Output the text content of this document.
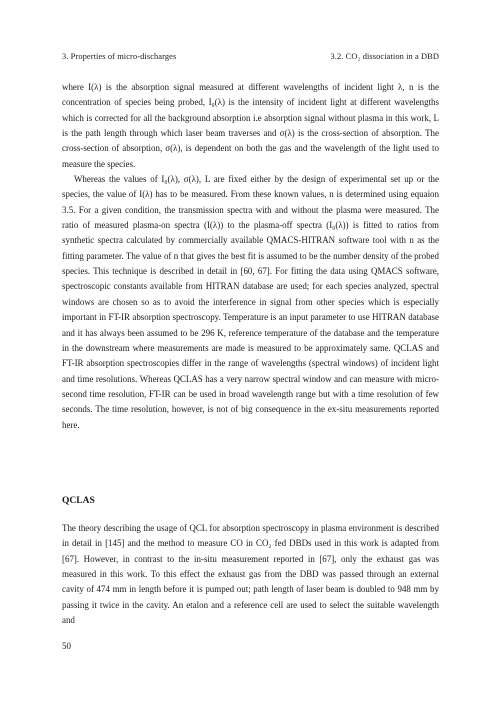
3. Properties of micro-discharges	3.2. CO₂ dissociation in a DBD

where I(λ) is the absorption signal measured at different wavelengths of incident light λ, n is the concentration of species being probed, I₀(λ) is the intensity of incident light at different wavelengths which is corrected for all the background absorption i.e absorption signal without plasma in this work, L is the path length through which laser beam traverses and σ(λ) is the cross-section of absorption. The cross-section of absorption, σ(λ), is dependent on both the gas and the wavelength of the light used to measure the species.

Whereas the values of I₀(λ), σ(λ), L are fixed either by the design of experimental set up or the species, the value of I(λ) has to be measured. From these known values, n is determined using equaion 3.5. For a given condition, the transmission spectra with and without the plasma were measured. The ratio of measured plasma-on spectra (I(λ)) to the plasma-off spectra (I₀(λ)) is fitted to ratios from synthetic spectra calculated by commercially available QMACS-HITRAN software tool with n as the fitting parameter. The value of n that gives the best fit is assumed to be the number density of the probed species. This technique is described in detail in [60, 67]. For fitting the data using QMACS software, spectroscopic constants available from HITRAN database are used; for each species analyzed, spectral windows are chosen so as to avoid the interference in signal from other species which is especially important in FT-IR absorption spectroscopy. Temperature is an input parameter to use HITRAN database and it has always been assumed to be 296 K, reference temperature of the database and the temperature in the downstream where measurements are made is measured to be approximately same. QCLAS and FT-IR absorption spectroscopies differ in the range of wavelengths (spectral windows) of incident light and time resolutions. Whereas QCLAS has a very narrow spectral window and can measure with micro-second time resolution, FT-IR can be used in broad wavelength range but with a time resolution of few seconds. The time resolution, however, is not of big consequence in the ex-situ measurements reported here.

QCLAS

The theory describing the usage of QCL for absorption spectroscopy in plasma environment is described in detail in [145] and the method to measure CO in CO₂ fed DBDs used in this work is adapted from [67]. However, in contrast to the in-situ measurement reported in [67], only the exhaust gas was measured in this work. To this effect the exhaust gas from the DBD was passed through an external cavity of 474 mm in length before it is pumped out; path length of laser beam is doubled to 948 mm by passing it twice in the cavity. An etalon and a reference cell are used to select the suitable wavelength and

50
